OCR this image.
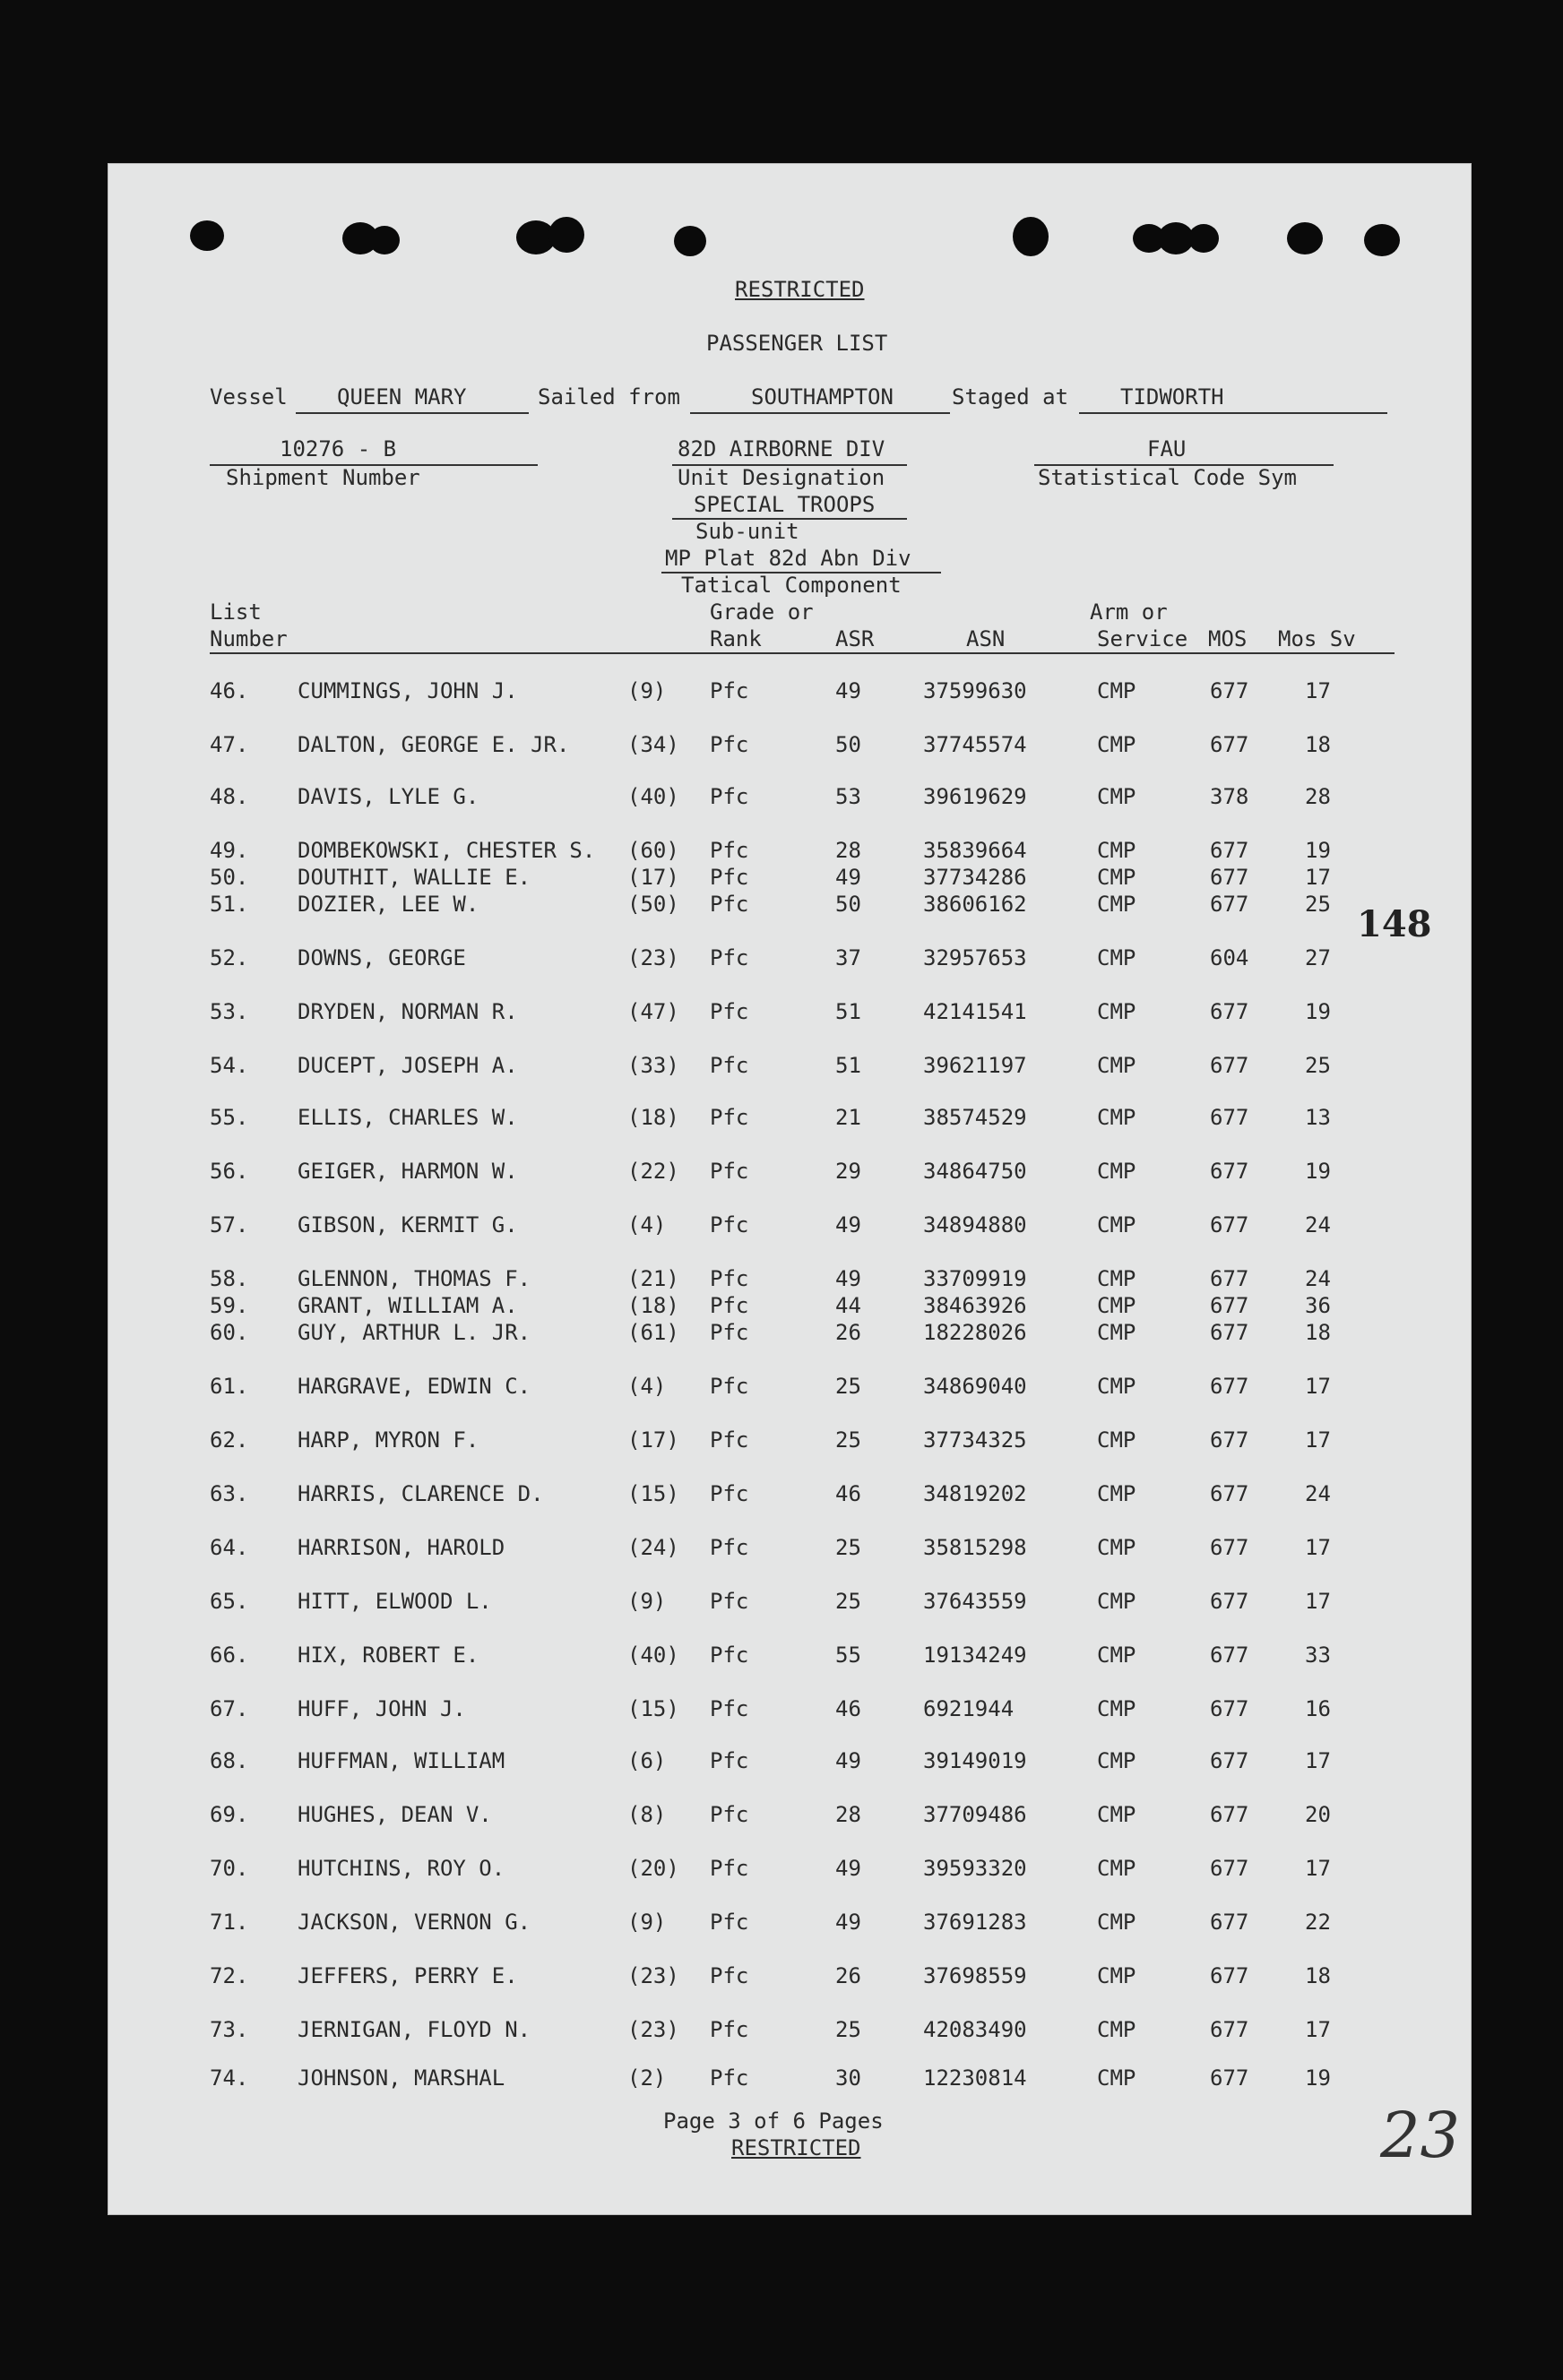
RESTRICTED
PASSENGER LIST
Vessel QUEEN MARY	Sailed from	SOUTHAMPTON	Staged at TIDWORTH
10276 - B
Shipment Number
82D AIRBORNE DIV
Unit Designation
SPECIAL TROOPS
Sub-unit
MP Plat 82d Abn Div
Tatical Component
FAU
Statistical Code Sym
List
Number
Grade or
Rank	ASR	ASN
Arm or
Service MOS Mos Sv
46. CUMMINGS, JOHN J.	(9) Pfc	49	37599630	CMP	677	17
47. DALTON, GEORGE E. JR.	(34) Pfc	50	37745574	CMP	677	18
48. DAVIS, LYLE G.	(40) Pfc	53	39619629	CMP	378	28
49. DOMBEKOWSKI, CHESTER S. (60) Pfc	28	35839664	CMP	677	19
50. DOUTHIT, WALLIE E.	(17) Pfc	49	37734286	CMP	677	17
51. DOZIER, LEE W.	(50) Pfc	50	38606162	CMP	677	25
52. DOWNS, GEORGE	(23) Pfc	37	32957653	CMP	604	27
53. DRYDEN, NORMAN R.	(47) Pfc	51	42141541	CMP	677	19
54. DUCEPT, JOSEPH A.	(33) Pfc	51	39621197	CMP	677	25
55. ELLIS, CHARLES W.	(18) Pfc	21	38574529	CMP	677	13
56. GEIGER, HARMON W.	(22) Pfc	29	34864750	CMP	677	19
57. GIBSON, KERMIT G.	(4) Pfc	49	34894880	CMP	677	24
58. GLENNON, THOMAS F.	(21) Pfc	49	33709919	CMP	677	24
59. GRANT, WILLIAM A.	(18) Pfc	44	38463926	CMP	677	36
60. GUY, ARTHUR L. JR.	(61) Pfc	26	18228026	CMP	677	18
61. HARGRAVE, EDWIN C.	(4) Pfc	25	34869040	CMP	677	17
62. HARP, MYRON F.	(17) Pfc	25	37734325	CMP	677	17
63. HARRIS, CLARENCE D.	(15) Pfc	46	34819202	CMP	677	24
64. HARRISON, HAROLD	(24) Pfc	25	35815298	CMP	677	17
65. HITT, ELWOOD L.	(9) Pfc	25	37643559	CMP	677	17
66. HIX, ROBERT E.	(40) Pfc	55	19134249	CMP	677	33
67. HUFF, JOHN J.	(15) Pfc	46	6921944	CMP	677	16
68. HUFFMAN, WILLIAM	(6) Pfc	49	39149019	CMP	677	17
69. HUGHES, DEAN V.	(8) Pfc	28	37709486	CMP	677	20
70. HUTCHINS, ROY O.	(20) Pfc	49	39593320	CMP	677	17
71. JACKSON, VERNON G.	(9) Pfc	49	37691283	CMP	677	22
72. JEFFERS, PERRY E.	(23) Pfc	26	37698559	CMP	677	18
73. JERNIGAN, FLOYD N.	(23) Pfc	25	42083490	CMP	677	17
74. JOHNSON, MARSHAL	(2) Pfc	30	12230814	CMP	677	19
148
23
Page 3 of 6 Pages
RESTRICTED
